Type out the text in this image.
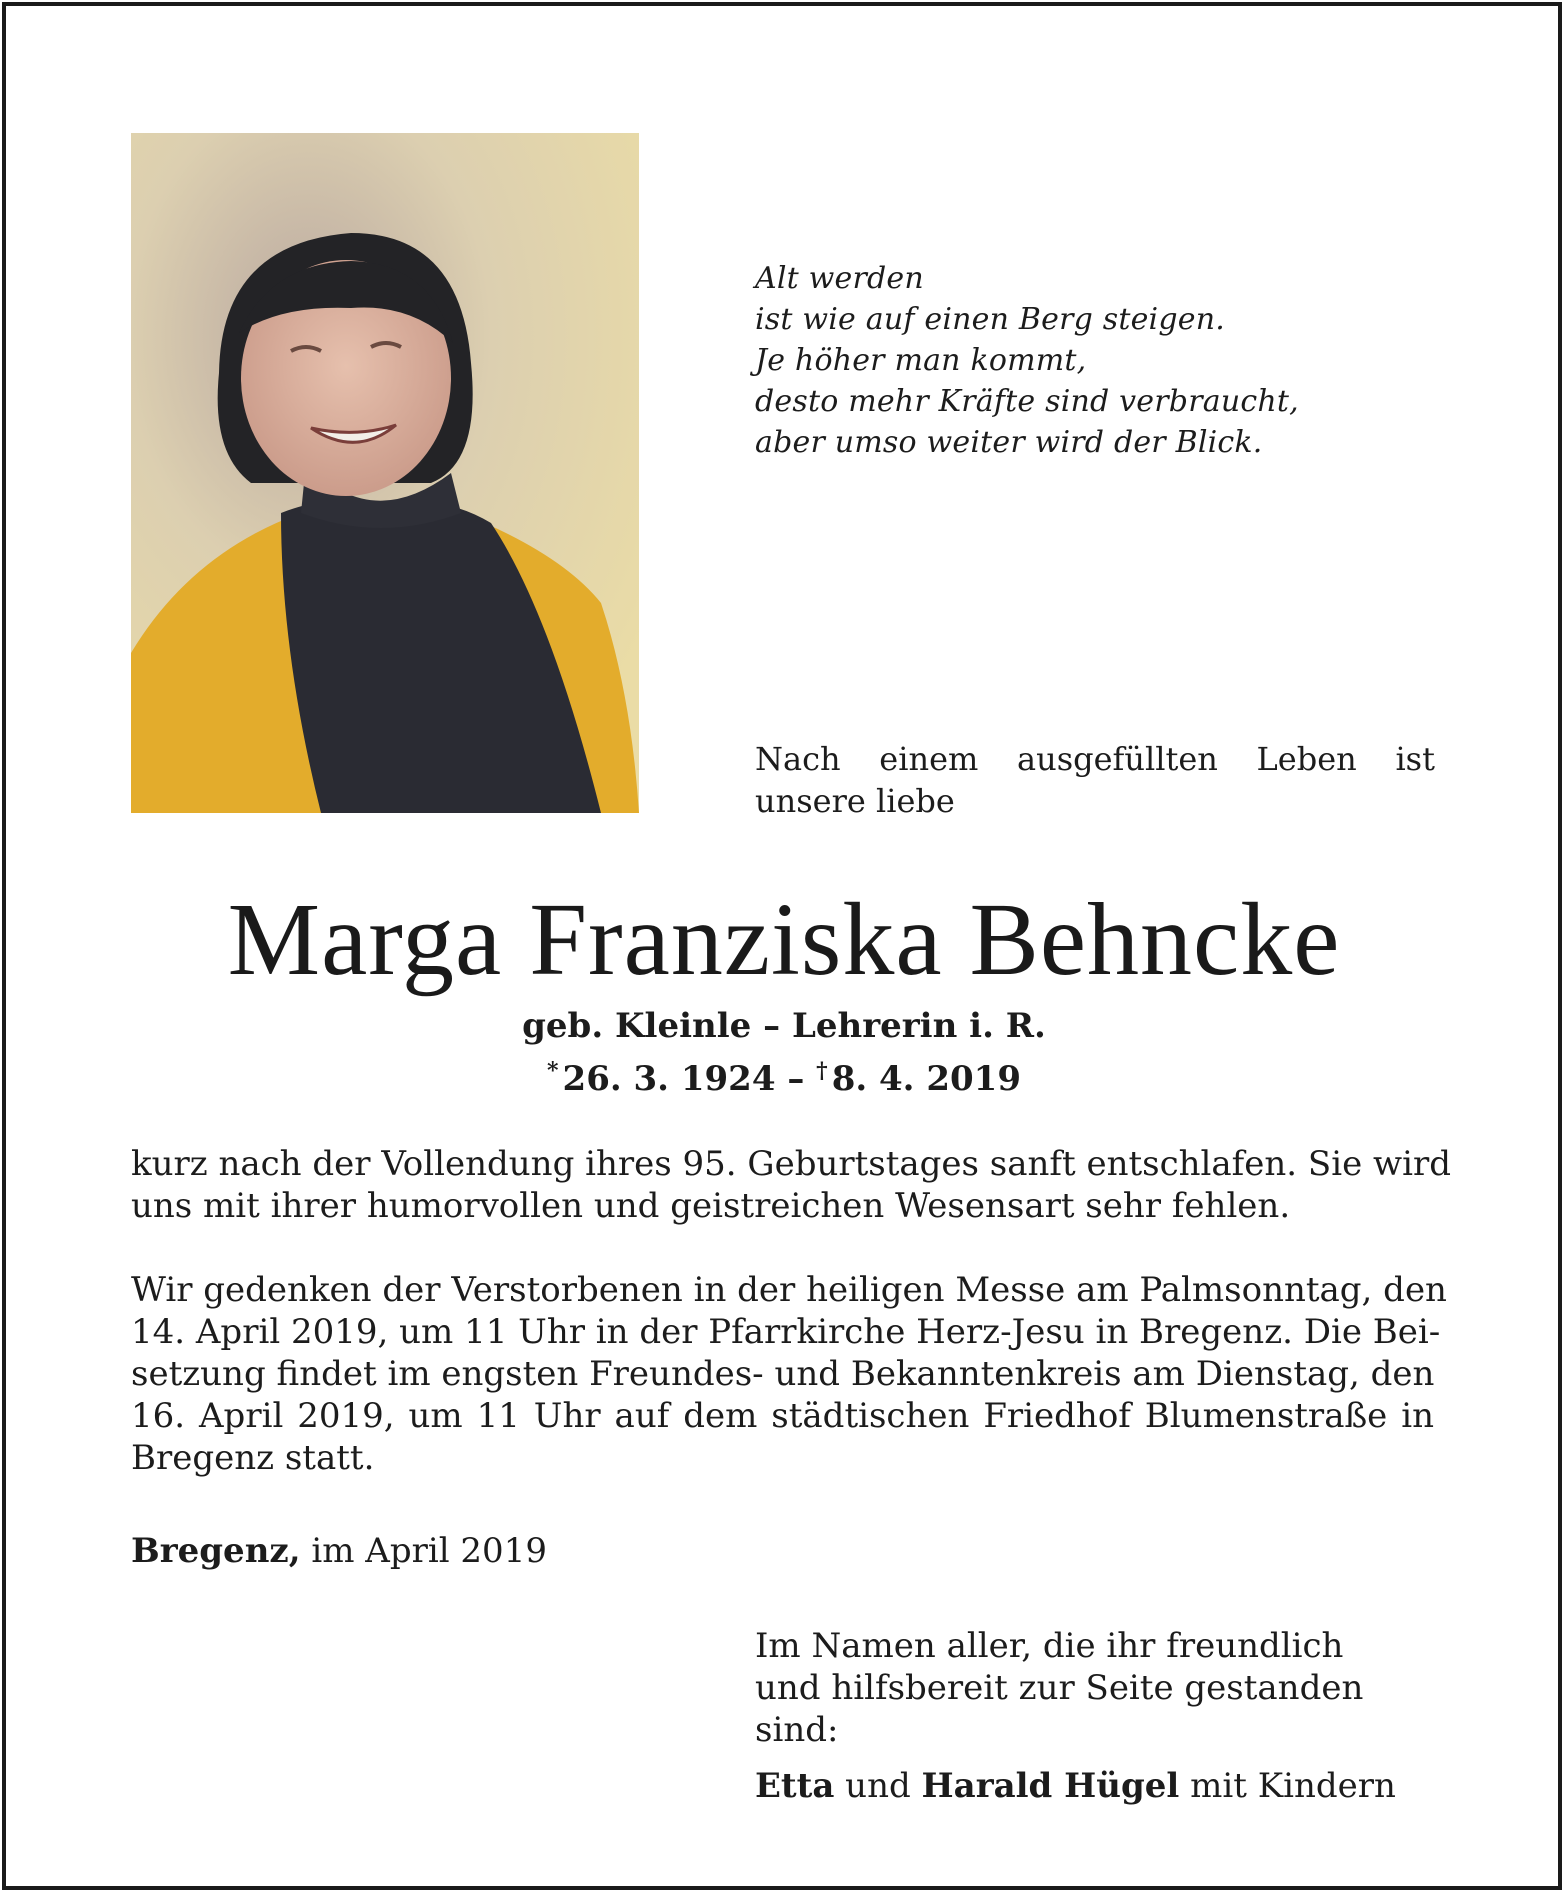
Alt werden
ist wie auf einen Berg steigen.
Je höher man kommt,
desto mehr Kräfte sind verbraucht,
aber umso weiter wird der Blick.
Nach einem ausgefüllten Leben ist
unsere liebe
Marga Franziska Behncke
geb. Kleinle – Lehrerin i. R.
* 26. 3. 1924 – † 8. 4. 2019
kurz nach der Vollendung ihres 95. Geburtstages sanft entschlafen. Sie wird
uns mit ihrer humorvollen und geistreichen Wesensart sehr fehlen.
Wir gedenken der Verstorbenen in der heiligen Messe am Palmsonntag, den
14. April 2019, um 11 Uhr in der Pfarrkirche Herz-Jesu in Bregenz. Die Bei-
setzung findet im engsten Freundes- und Bekanntenkreis am Dienstag, den
16. April 2019, um 11 Uhr auf dem städtischen Friedhof Blumenstraße in
Bregenz statt.
Bregenz, im April 2019
Im Namen aller, die ihr freundlich
und hilfsbereit zur Seite gestanden sind:
Etta und Harald Hügel mit Kindern
